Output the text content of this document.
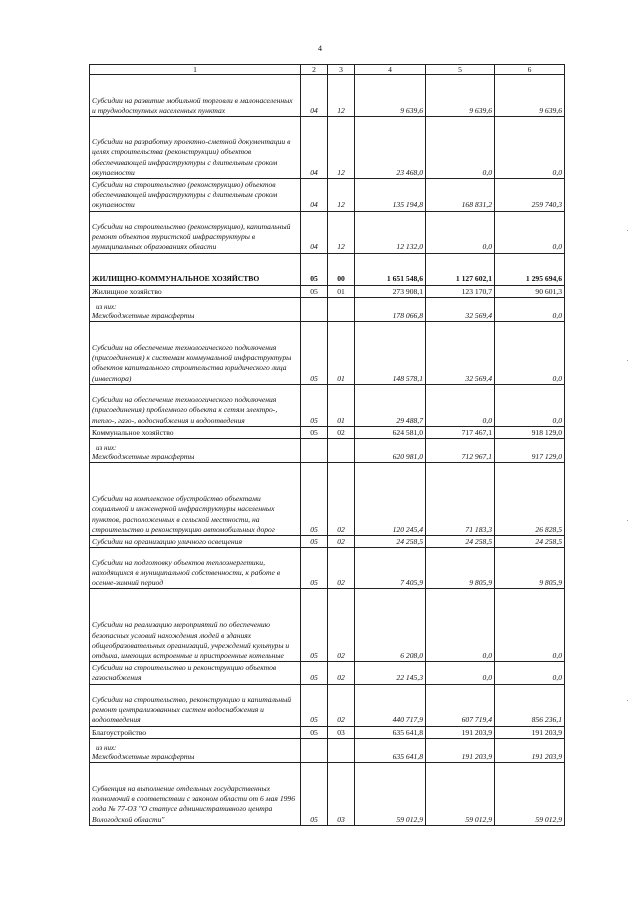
4
1	2	3	4	5	6
Субсидии на развитие мобильной торговли в малонаселенных и труднодоступных населенных пунктах	04	12	9 639,6	9 639,6	9 639,6
Субсидии на разработку проектно-сметной документации в целях строительства (реконструкции) объектов обеспечивающей инфраструктуры с длительным сроком окупаемости	04	12	23 468,0	0,0	0,0
Субсидии на строительство (реконструкцию) объектов обеспечивающей инфраструктуры с длительным сроком окупаемости	04	12	135 194,8	168 831,2	259 740,3
Субсидии на строительство (реконструкцию), капитальный ремонт объектов туристской инфраструктуры в муниципальных образованиях области	04	12	12 132,0	0,0	0,0
ЖИЛИЩНО-КОММУНАЛЬНОЕ ХОЗЯЙСТВО	05	00	1 651 548,6	1 127 602,1	1 295 694,6
Жилищное хозяйство	05	01	273 908,1	123 170,7	90 601,3

из них:
Межбюджетные трансферты			178 066,8	32 569,4	0,0
Субсидии на обеспечение технологического подключения (присоединения) к системам коммунальной инфраструктуры объектов капитального строительства юридического лица (инвестора)	05	01	148 578,1	32 569,4	0,0
Субсидии на обеспечение технологического подключения (присоединения) проблемного объекта к сетям электро-, тепло-, газо-, водоснабжения и водоотведения	05	01	29 488,7	0,0	0,0
Коммунальное хозяйство	05	02	624 581,0	717 467,1	918 129,0

из них:
Межбюджетные трансферты			620 981,0	712 967,1	917 129,0
Субсидии на комплексное обустройство объектами социальной и инженерной инфраструктуры населенных пунктов, расположенных в сельской местности, на строительство и реконструкцию автомобильных дорог	05	02	120 245,4	71 183,3	26 828,5
Субсидии на организацию уличного освещения	05	02	24 258,5	24 258,5	24 258,5
Субсидии на подготовку объектов теплоэнергетики, находящихся в муниципальной собственности, к работе в осенне-зимний период	05	02	7 405,9	9 805,9	9 805,9
Субсидии на реализацию мероприятий по обеспечению безопасных условий нахождения людей в зданиях общеобразовательных организаций, учреждений культуры и отдыха, имеющих встроенные и пристроенные котельные	05	02	6 208,0	0,0	0,0
Субсидии на строительство и реконструкцию объектов газоснабжения	05	02	22 145,3	0,0	0,0
Субсидии на строительство, реконструкцию и капитальный ремонт централизованных систем водоснабжения и водоотведения	05	02	440 717,9	607 719,4	856 236,1
Благоустройство	05	03	635 641,8	191 203,9	191 203,9

из них:
Межбюджетные трансферты			635 641,8	191 203,9	191 203,9
Субвенция на выполнение отдельных государственных полномочий в соответствии с законом области от 6 мая 1996 года № 77-ОЗ "О статусе административного центра Вологодской области"	05	03	59 012,9	59 012,9	59 012,9
